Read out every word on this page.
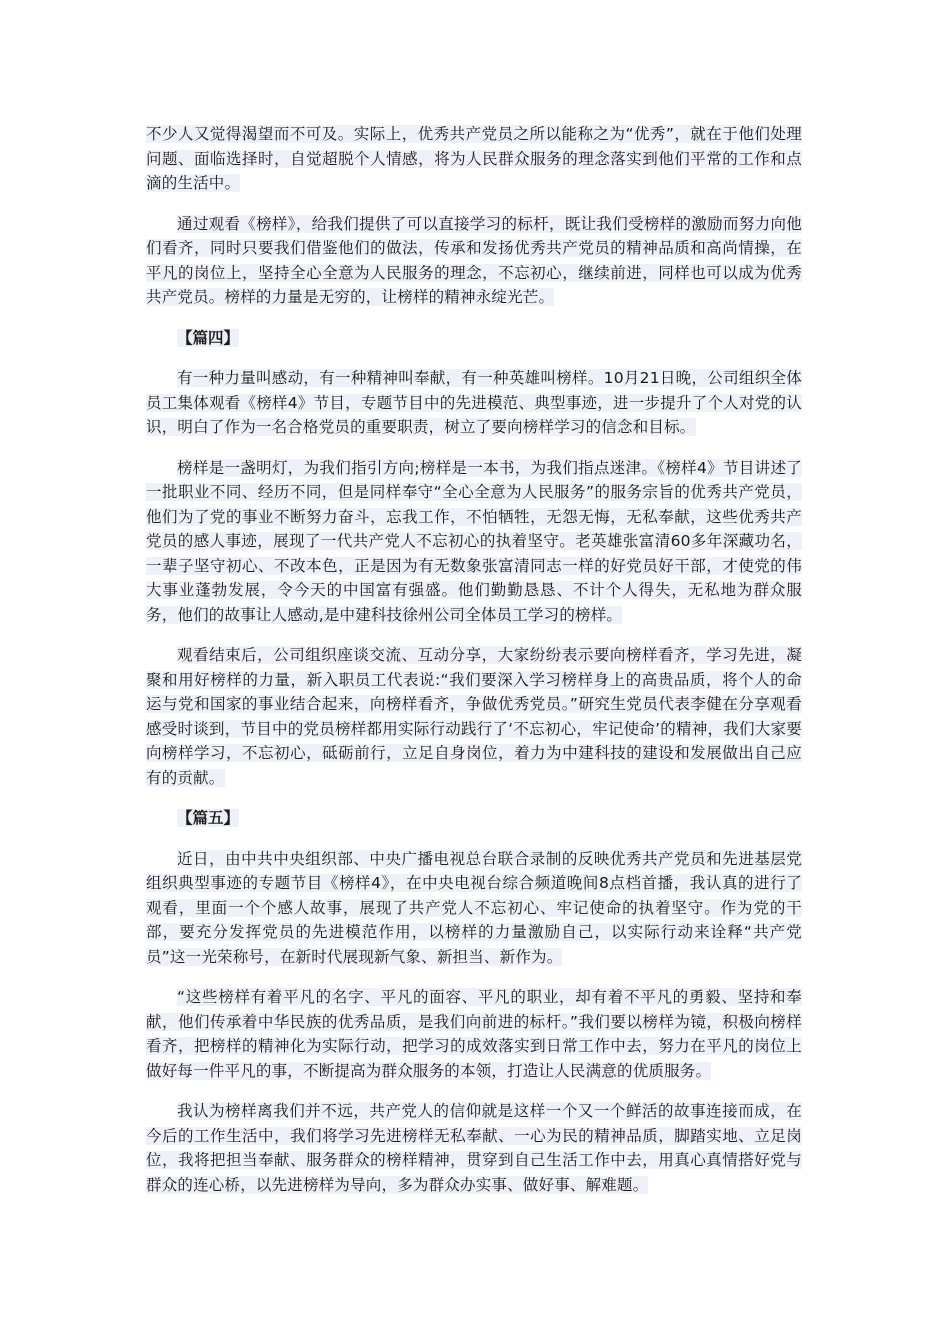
不少人又觉得渴望而不可及。实际上，优秀共产党员之所以能称之为“优秀”，就在于他们处理问题、面临选择时，自觉超脱个人情感，将为人民群众服务的理念落实到他们平常的工作和点滴的生活中。

通过观看《榜样》，给我们提供了可以直接学习的标杆，既让我们受榜样的激励而努力向他们看齐，同时只要我们借鉴他们的做法，传承和发扬优秀共产党员的精神品质和高尚情操，在平凡的岗位上，坚持全心全意为人民服务的理念，不忘初心，继续前进，同样也可以成为优秀共产党员。榜样的力量是无穷的，让榜样的精神永绽光芒。

【篇四】

有一种力量叫感动，有一种精神叫奉献，有一种英雄叫榜样。10月21日晚，公司组织全体员工集体观看《榜样4》节目，专题节目中的先进模范、典型事迹，进一步提升了个人对党的认识，明白了作为一名合格党员的重要职责，树立了要向榜样学习的信念和目标。

榜样是一盏明灯，为我们指引方向;榜样是一本书，为我们指点迷津。《榜样4》节目讲述了一批职业不同、经历不同，但是同样奉守“全心全意为人民服务”的服务宗旨的优秀共产党员，他们为了党的事业不断努力奋斗，忘我工作，不怕牺牲，无怨无悔，无私奉献，这些优秀共产党员的感人事迹，展现了一代共产党人不忘初心的执着坚守。老英雄张富清60多年深藏功名，一辈子坚守初心、不改本色，正是因为有无数象张富清同志一样的好党员好干部，才使党的伟大事业蓬勃发展，令今天的中国富有强盛。他们勤勤恳恳、不计个人得失，无私地为群众服务，他们的故事让人感动,是中建科技徐州公司全体员工学习的榜样。

观看结束后，公司组织座谈交流、互动分享，大家纷纷表示要向榜样看齐，学习先进，凝聚和用好榜样的力量，新入职员工代表说:“我们要深入学习榜样身上的高贵品质，将个人的命运与党和国家的事业结合起来，向榜样看齐，争做优秀党员。”研究生党员代表李健在分享观看感受时谈到，节目中的党员榜样都用实际行动践行了‘不忘初心，牢记使命’的精神，我们大家要向榜样学习，不忘初心，砥砺前行，立足自身岗位，着力为中建科技的建设和发展做出自己应有的贡献。

【篇五】

近日，由中共中央组织部、中央广播电视总台联合录制的反映优秀共产党员和先进基层党组织典型事迹的专题节目《榜样4》，在中央电视台综合频道晚间8点档首播，我认真的进行了观看，里面一个个感人故事，展现了共产党人不忘初心、牢记使命的执着坚守。作为党的干部，要充分发挥党员的先进模范作用，以榜样的力量激励自己，以实际行动来诠释“共产党员”这一光荣称号，在新时代展现新气象、新担当、新作为。

“这些榜样有着平凡的名字、平凡的面容、平凡的职业，却有着不平凡的勇毅、坚持和奉献，他们传承着中华民族的优秀品质，是我们向前进的标杆。”我们要以榜样为镜，积极向榜样看齐，把榜样的精神化为实际行动，把学习的成效落实到日常工作中去，努力在平凡的岗位上做好每一件平凡的事，不断提高为群众服务的本领，打造让人民满意的优质服务。

我认为榜样离我们并不远，共产党人的信仰就是这样一个又一个鲜活的故事连接而成，在今后的工作生活中，我们将学习先进榜样无私奉献、一心为民的精神品质，脚踏实地、立足岗位，我将把担当奉献、服务群众的榜样精神，贯穿到自己生活工作中去，用真心真情搭好党与群众的连心桥，以先进榜样为导向，多为群众办实事、做好事、解难题。
